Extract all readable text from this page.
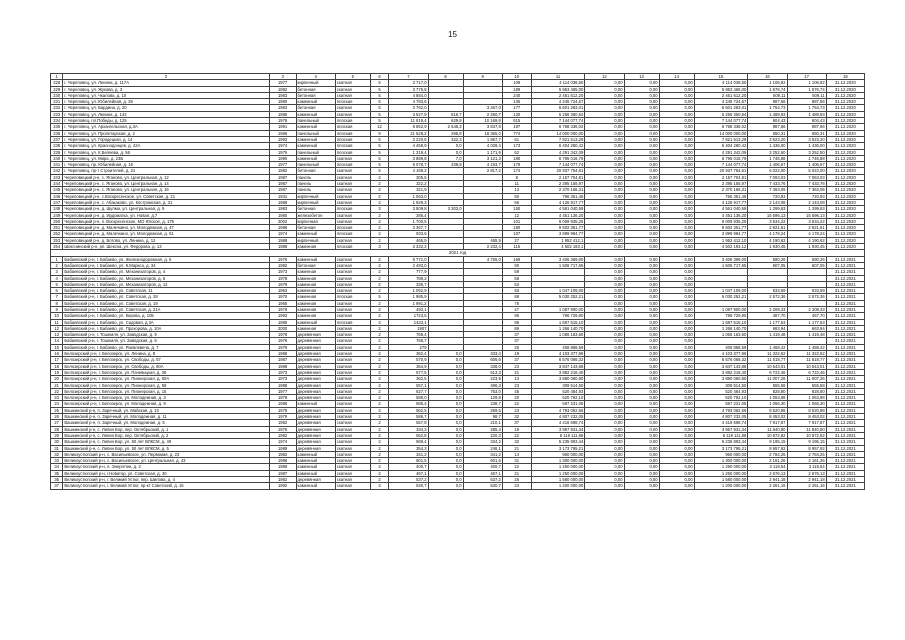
15
1	2	3	4	5	6	7	8	9	10	11	12	13	14	15	16	17	18
228	г. Череповец, ул. Ленина, д. 117А	1977	кирпичный	скатная	5	3 717,0			109	4 114 038,50	0,00	0,00	0,00	4 114 038,50	1 106,82	1 106,82	31.12.2020
229	г. Череповец, ул. Жукова, д. 3	1982	бетонная	скатная	5	3 775,8			189	5 953 465,00	0,00	0,00	0,00	5 953 465,00	1 576,74	1 576,74	31.12.2020
230	г. Череповец, ул. Чкалова, д. 10	1983	бетонная	скатная	5	4 884,0			240	2 461 612,20	0,00	0,00	0,00	2 461 612,20	509,11	509,11	31.12.2020
231	г. Череповец, ул. Юбилейная, д. 38	1980	каменный	плоская	5	4 783,6			135	4 245 724,67	0,00	0,00	0,00	4 245 724,67	887,56	887,56	31.12.2020
232	г. Череповец, ул. Бардина, д. 20	1983	бетонная	скатная	5	3 762,0		3 467,0	177	6 601 283,01	0,00	0,00	0,00	6 601 283,01	1 754,73	1 754,73	31.12.2020
233	г. Череповец, ул. Ленина, д. 142	1985	каменный	скатная	5	3 527,9	816,7	2 250,7	130	5 256 350,64	0,00	0,00	0,00	5 256 350,64	1 489,93	1 489,93	31.12.2020
234	г. Череповец, пл.Победы, д. 125	1976	панельный	плоская	5	11 819,4	629,8	10 169,8	515	7 144 077,74	0,00	0,00	0,00	7 144 077,74	604,43	604,43	31.12.2020
235	г. Череповец, ул. Архангельская, д.3А	1991	каменный	плоская	12	6 852,9	2 548,3	3 837,8	197	6 768 336,02	0,00	0,00	0,00	6 768 336,02	987,66	987,66	31.12.2020
236	г. Череповец, ул. Пролетарская, д. 2	1986	панельный	плоская	9	21 528,2	285,8	18 365,0	774	14 000 000,00	0,00	0,00	0,00	14 000 000,00	650,31	650,31	31.12.2020
237	г. Череповец, ул. Городецкая, д. 14	1993	каменный	плоская	5	2 220,6	322,3	1 867,7	61	7 821 513,29	0,00	0,00	0,00	7 821 513,29	3 523,20	3 523,20	31.12.2020
238	г. Череповец, ул. Краснодонцев, д. 42А	1974	каменный	плоская	5	4 458,9	0,0	4 028,4	173	6 404 280,42	0,00	0,00	0,00	6 404 280,42	1 436,00	1 436,00	31.12.2020
239	г. Череповец, ул. К.Беляева, д. 56	1975	панельный	плоская	5	1 319,4	0,0	1 171,9	62	4 291 342,09	0,00	0,00	0,00	4 291 342,09	3 252,50	3 252,50	31.12.2020
240	г. Череповец, ул. Мира, д. 23Б	1990	каменный	скатная	5	3 889,8	7,0	3 121,3	180	6 795 016,79	0,00	0,00	0,00	6 795 016,79	1 746,88	1 746,88	31.12.2020
241	г. Череповец, пр. Юбилейная, д. 16	1977	панельный	плоская	5	5 078,7	338,8	4 193,7	179	7 144 077,74	0,00	0,00	0,00	7 144 077,74	1 406,67	1 406,67	31.12.2020
242	г. Череповец, пр-т Строителей, д. 21	1982	бетонная	скатная	5	4 169,2		2 817,2	174	20 937 754,61	0,00	0,00	0,00	20 937 754,61	5 022,00	5 022,00	31.12.2020
243	Череповецкий р-н, с. Яганово, ул. Центральная, д. 12	1987	панель	скатная	2	305,5			8	2 157 704,81	0,00	0,00	0,00	2 157 704,81	7 063,03	7 063,03	31.12.2020
244	Череповецкий р-н, с. Яганово, ул. Центральная, д. 14	1987	панель	скатная	2	322,2			11	2 395 155,97	0,00	0,00	0,00	2 395 155,97	7 433,76	7 433,76	31.12.2020
245	Череповецкий р-н, с. Яганово, ул. Центральная, д. 16	1987	панель	скатная	2	321,9			13	2 370 166,31	0,00	0,00	0,00	2 370 166,31	7 363,05	7 363,05	31.12.2020
246	Череповецкий р-н, с.Воскресенское, ул. Советская, д. 21	1931	кирпичный	скатная	2	1 063,0			50	766 351,46	0,00	0,00	0,00	766 351,46	720,93	720,93	31.12.2020
247	Череповецкий р-н, с. Абакаково, ул. Костромская, д. 31	1986	кирпичный	скатная	2	1 929,3			56	4 126 917,77	0,00	0,00	0,00	4 126 917,77	2 143,08	2 143,08	31.12.2020
248	Череповецкий р-н, д. Шулма, ул. Центральная, д. 9	1983	бетонная	плоская	3	3 509,8	3 303,0		150	4 561 040,59	0,00	0,00	0,00	4 561 040,59	1 299,63	1 299,63	31.12.2020
249	Череповецкий р-н, д. Ирдоматка, ул. Новая, д.7	1980	железобетон	скатная	2	285,4			12	4 451 136,20	0,00	0,00	0,00	4 451 136,20	15 596,13	15 596,13	31.12.2020
250	Череповецкий р-н, п. Воскресенское, МО Югское, д. 175	2002	кирпичная	скатная	2	1 700,5			101	6 009 935,25	0,00	0,00	0,00	6 009 935,25	3 534,22	3 534,22	31.12.2020
251	Череповецкий р-н, д. Малечкино, ул. Молодежная, д. 47	1988	бетонная	плоская	2	3 367,7			180	9 502 351,77	0,00	0,00	0,00	9 502 351,77	2 821,61	2 821,61	31.12.2020
252	Череповецкий р-н, д. Малечкино, ул. Молодежная, д. 51	1974	каменный	плоская	2	933,6			107	3 899 984,77	0,00	0,00	0,00	3 899 984,77	4 178,24	4 178,24	31.12.2020
253	Череповецкий р-н, д. Ботово, ул. Ленина, д. 12	1988	кирпичный	скатная	2	465,9		465,9	27	1 952 412,1	0,00	0,00	0,00	1 952 412,10	4 190,62	4 190,62	31.12.2020
254	Шекснинский р-н, рп. Шексна, ул. Федорова, д. 13	1988	каменная	плоская	3	2 332,2		2 232,4	115	4 502 193,1	0,00	0,00	0,00	4 502 193,12	1 930,45	1 930,45	31.12.2020
2021 год																	
1	Бабаевский р-н, г. Бабаево, ул. Железнодорожная, д. 5	1976	каменный	скатная	2	5 771,0		4 755,0	169	3 406 369,00	0,00	0,00	0,00	3 406 369,00	590,26	590,26	31.12.2021
2	Бабаевский р-н, г. Бабаево, ул. К.Маркса, д. 34	1982	бетонная	скатная	2	2 483,0			90	1 506 717,65	0,00	0,00	0,00	1 506 717,65	607,05	607,05	31.12.2021
3	Бабаевский р-н, г. Бабаево, ул. Механизаторов, д. 4	1973	каменная	скатная	2	777,9			59		0,00	0,00	0,00				31.12.2021
4	Бабаевский р-н, г. Бабаево, ул. Механизаторов, д. 6	1978	каменная	скатная	2	789,2			58		0,00	0,00	0,00				31.12.2021
5	Бабаевский р-н, г. Бабаево, ул. Механизаторов, д. 12	1979	каменная	скатная	2	336,7			53		0,00	0,00	0,00				31.12.2021
6	Бабаевский р-н, г. Бабаево, ул. Советская, 11	1963	каменная	скатная	2	1 052,9			93	1 047 109,00	0,00	0,00	0,00	1 047 109,00	633,59	633,59	31.12.2021
7	Бабаевский р-н, г. Бабаево, ул. Советская, д. 28	1970	каменная	плоская	5	1 985,9			88	5 030 252,21	0,00	0,00	0,00	5 030 252,21	2 572,36	2 572,36	31.12.2021
8	Бабаевский р-н, г. Бабаево, ул. Советская, д. 19	1965	каменная	скатная	2	1 991,2			76		0,00	0,00	0,00				31.12.2021
9	Бабаевский р-н, г. Бабаево, ул. Советская, д. 21А	1976	каменная	скатная	2	493,1			47	1 087 900,00	0,00	0,00	0,00	1 087 900,00	2 208,33	2 208,33	31.12.2021
10	Бабаевский р-н, г. Бабаево, ул. Кирова, д. 105	1993	каменная	скатная	2	1723,5			96	796 729,80	0,00	0,00	0,00	796 729,80	467,70	467,70	31.12.2021
11	Бабаевский р-н, г. Бабаево, ул. Садовая, д.3А	1985	каменный	плоская	2	1433,1			85	1 687 515,10	0,00	0,00	0,00	1 687 515,10	1 177,53	1 177,53	31.12.2021
12	Бабаевский р-н, г. Бабаево, ул. Прохорова, д. 10А	2000	каменная	скатная	2	1907			86	1 266 140,70	0,00	0,00	0,00	1 266 140,70	663,94	663,94	31.12.2021
13	Бабаевский р-н, г. Тошемля, ул. Заводская, д. 9	1978	деревянная	скатная	2	768,4			37	1 065 163,60	0,00	0,00	0,00	1 065 163,60	1 419,48	1 419,48	31.12.2021
14	Бабаевский р-н, г. Тошемля, ул. Заводская, д. 8	1976	деревянная	скатная	2	768,7			37		0,00	0,00	0,00				31.12.2021
15	Бабаевский р-н, г. Бабаево, ул. Раевлевича, д. 7	1979	деревянная	скатная	2	279			20	406 868,59	0,00	0,00	0,00	406 868,59	1 458,42	1 458,42	31.12.2021
16	Белозерский р-н, г. Белозерск, ул. Ленина, д. 8	1986	деревянная	скатная	2	362,4	0,0	333,4	19	4 103 377,96	0,00	0,00	0,00	4 103 377,96	11 322,62	11 322,62	31.12.2021
17	Белозерский р-н, г. Белозерск, ул. Свободы, д. 57	1987	деревянная	скатная	2	570,9	0,0	606,6	37	6 576 066,32	0,00	0,00	0,00	6 576 066,32	11 518,77	11 518,77	31.12.2021
18	Белозерский р-н, г. Белозерск, ул. Свободы, д. 60А	1988	деревянная	скатная	2	364,9	0,0	336,0	23	3 847 143,88	0,00	0,00	0,00	3 847 143,88	10 543,01	10 543,01	31.12.2021
19	Белозерский р-н, г. Белозерск, ул. Пачевицкая, д. 36	1973	деревянная	скатная	2	577,5	0,0	513,3	21	3 882 218,40	0,00	0,00	0,00	3 882 218,40	6 722,46	6 722,46	31.12.2021
20	Белозерский р-н, г. Белозерск, ул. Пионерская, д. 50А	1973	деревянная	скатная	2	362,5	0,0	223,9	13	3 880 060,80	0,00	0,00	0,00	3 880 060,80	11 007,26	11 007,26	31.12.2021
21	Белозерский р-н, г. Белозерск, ул. Пионерская, д. 59	1988	деревянная	скатная	2	557,1	0,0	496,3	23	309 514,50	0,00	0,00	0,00	309 514,50	555,58	555,58	31.12.2021
22	Белозерский р-н, г. Белозерск, ул. Пионерская, д. 15	1977	деревянная	скатная	2	627,7	0,0	763,0	45	520 484,93	0,00	0,00	0,00	520 484,93	828,80	828,80	31.12.2021
23	Белозерский р-н, г. Белозерск, ул. Молодежная, д. 3	1978	деревянная	скатная	2	589,0	0,0	129,8	20	620 792,10	0,00	0,00	0,00	620 792,10	1 053,98	1 053,98	31.12.2021
24	Белозерский р-н, г. Белозерск, ул. Молодежная, д. 9	1986	каменный	скатная	2	585,4	0,0	238,7	22	597 231,05	0,00	0,00	0,00	597 231,05	1 056,30	1 056,30	31.12.2021
25	Вашкинский р-н, п. Заречный, ул. Майская, д. 10	1975	деревянная	скатная	2	562,5	0,0	269,5	23	4 793 062,56	0,00	0,00	0,00	4 793 062,56	8 520,98	8 520,98	31.12.2021
26	Вашкинский р-н, п. Заречный, ул. Молодежная, д. 11	1979	деревянная	скатная	2	586,7	0,0	98,7	32	4 807 232,05	0,00	0,00	0,00	4 807 232,05	8 453,02	8 453,02	31.12.2021
27	Вашкинский р-н, п. Заречный, ул. Молодежная, д. 5	1982	деревянная	скатная	2	557,8	0,0	210,1	37	4 416 698,74	0,00	0,00	0,00	4 416 698,74	7 917,87	7 917,87	31.12.2021
28	Вашкинский р-н, с. Липин Бор, пер. Октябрьский, д. 1	1976	деревянная	скатная	2	334,3	0,0	285,4	16	3 957 931,34	0,00	0,00	0,00	3 957 931,34	11 840,80	11 840,80	31.12.2021
29	Вашкинский р-н, с. Липин Бор, пер. Октябрьский, д. 2	1982	деревянная	скатная	2	552,8	0,0	220,3	22	6 119 111,88	0,00	0,00	0,00	6 119 111,88	10 872,82	10 872,82	31.12.2021
30	Вашкинский р-н, с. Липин Бор, ул. 50 лет ВЛКСМ, д. 49	1974	деревянная	скатная	2	569,4	0,0	334,2	32	5 235 893,44	0,00	0,00	0,00	5 235 893,44	9 195,15	9 195,15	31.12.2021
31	Вашкинский р-н, с. Липин Бор, ул. 50 лет ВЛКСМ, д. 5	1989	деревянная	скатная	2	354,3	0,0	246,1	21	3 173 795,21	0,00	0,00	0,00	3 173 795,21	8 957,92	8 957,92	31.12.2021
32	Великоустюгский р-н, с. Васильевское, ул. Первомая, д. 23	1982	каменный	скатная	2	341,2	0,0	341,2	14	960 000,00	0,00	0,00	0,00	960 000,00	2 784,25	2 784,25	31.12.2021
33	Великоустюгский р-н, с. Васильевское, ул. Центральная, д. 43	1986	каменный	скатная	2	601,5	0,0	601,5	31	1 300 000,00	0,00	0,00	0,00	1 300 000,00	2 161,26	2 161,26	31.12.2021
34	Великоустюгский р-н, п. Энергетик, д. 2	1989	каменный	скатная	2	400,7	0,0	400,7	22	1 250 000,00	0,00	0,00	0,00	1 250 000,00	3 119,54	3 119,54	31.12.2021
35	Великоустюгский р-н, г.Новатор, ул. Советская, д. 30	1987	каменный	скатная	2	467,1	0,0	467,1	21	1 250 000,00	0,00	0,00	0,00	1 250 000,00	2 676,13	2 676,13	31.12.2021
36	Великоустюгский р-н, г. Великий Устюг, пер. Шилова, д. 4	1982	деревянная	скатная	2	537,2	0,0	537,2	25	1 580 000,00	0,00	0,00	0,00	1 580 000,00	2 941,18	2 941,18	31.12.2021
37	Великоустюгский р-н, г. Великий Устюг, пр-кт Советский, д. 15	1992	каменный	скатная	3	530,7	0,0	530,7	23	1 200 000,00	0,00	0,00	0,00	1 200 000,00	2 261,16	2 261,16	31.12.2021
